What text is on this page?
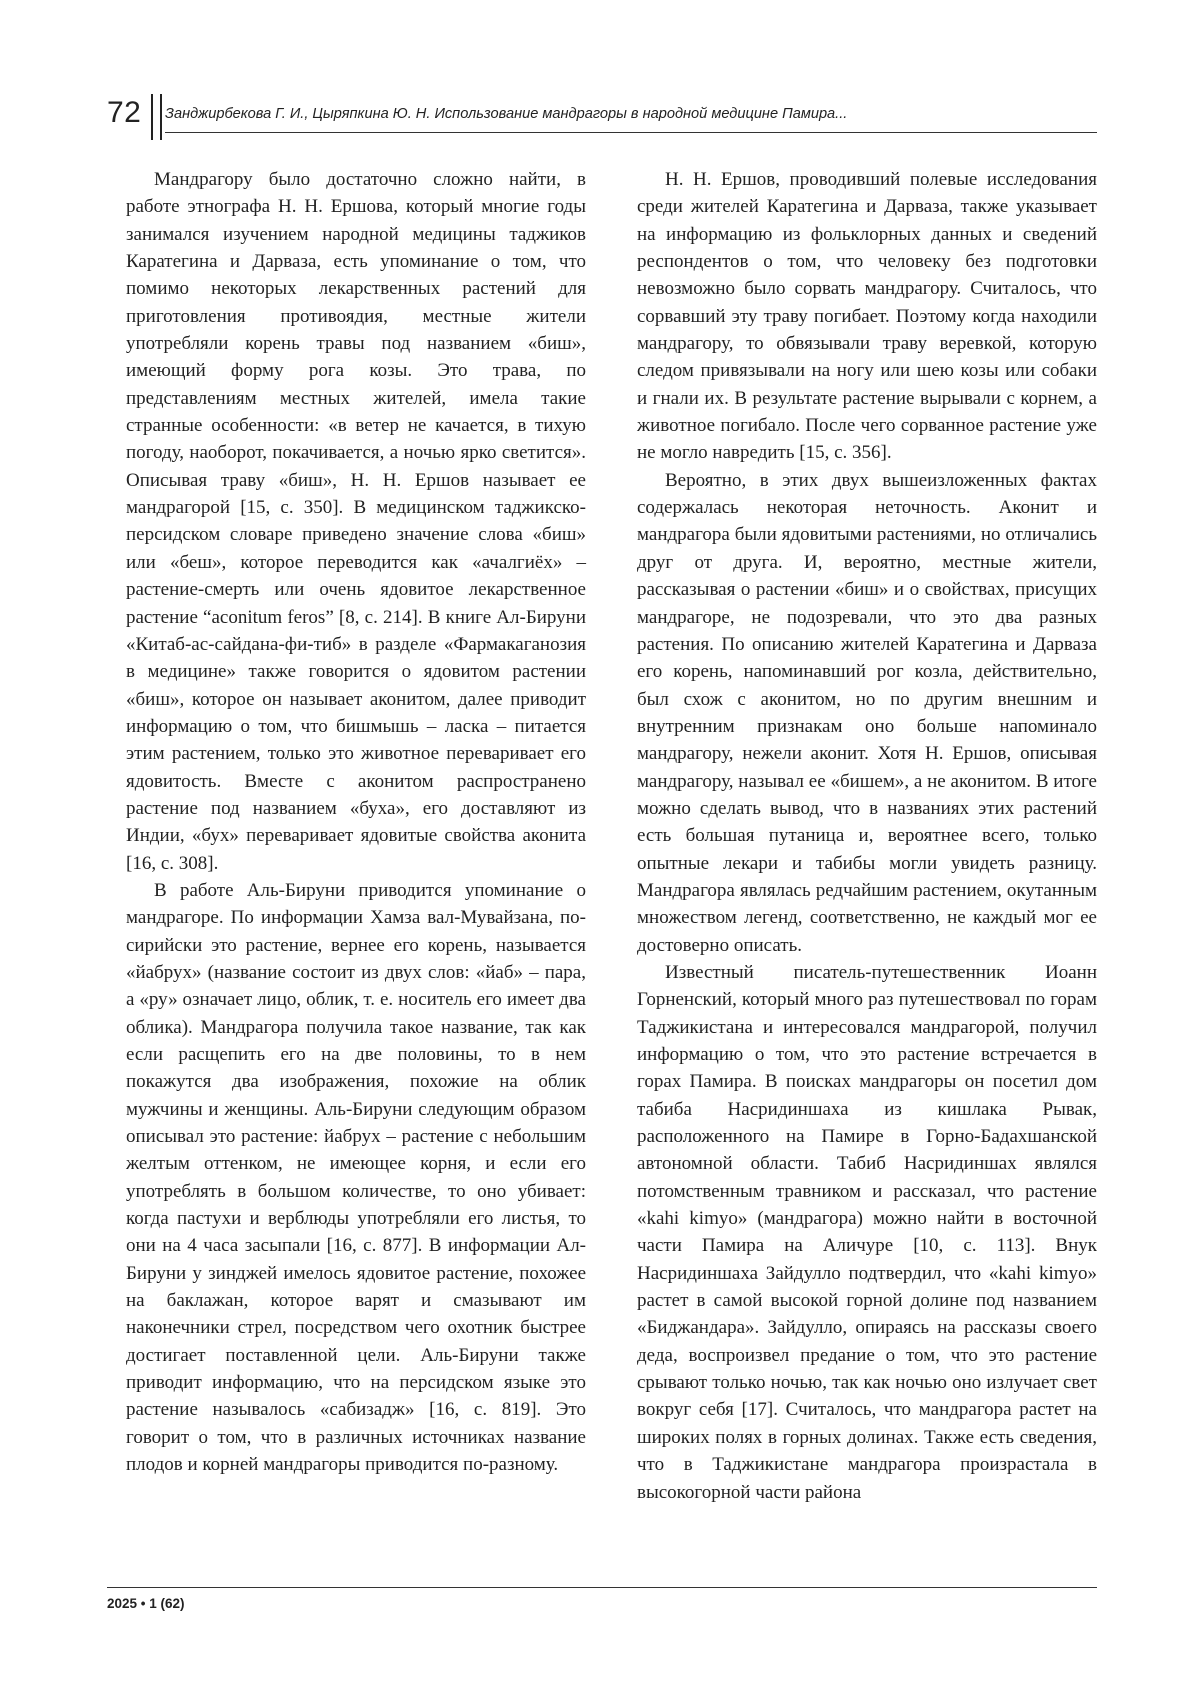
72 Занджирбекова Г. И., Цыряпкина Ю. Н. Использование мандрагоры в народной медицине Памира...

Мандрагору было достаточно сложно найти, в работе этнографа Н. Н. Ершова, который многие годы занимался изучением народной медицины таджиков Каратегина и Дарваза, есть упоминание о том, что помимо некоторых лекарственных растений для приготовления противоядия, местные жители употребляли корень травы под названием «биш», имеющий форму рога козы. Это трава, по представлениям местных жителей, имела такие странные особенности: «в ветер не качается, в тихую погоду, наоборот, покачивается, а ночью ярко светится». Описывая траву «биш», Н. Н. Ершов называет ее мандрагорой [15, с. 350]. В медицинском таджикско-персидском словаре приведено значение слова «биш» или «беш», которое переводится как «ачалгиёх» – растение-смерть или очень ядовитое лекарственное растение “aconitum feros” [8, с. 214]. В книге Ал-Бируни «Китаб-ас-сайдана-фи-тиб» в разделе «Фармакаганозия в медицине» также говорится о ядовитом растении «биш», которое он называет аконитом, далее приводит информацию о том, что бишмышь – ласка – питается этим растением, только это животное переваривает его ядовитость. Вместе с аконитом распространено растение под названием «буха», его доставляют из Индии, «бух» переваривает ядовитые свойства аконита [16, с. 308].

В работе Аль-Бируни приводится упоминание о мандрагоре. По информации Хамза вал-Мувайзана, по-сирийски это растение, вернее его корень, называется «йабрух» (название состоит из двух слов: «йаб» – пара, а «ру» означает лицо, облик, т. е. носитель его имеет два облика). Мандрагора получила такое название, так как если расщепить его на две половины, то в нем покажутся два изображения, похожие на облик мужчины и женщины. Аль-Бируни следующим образом описывал это растение: йабрух – растение с небольшим желтым оттенком, не имеющее корня, и если его употреблять в большом количестве, то оно убивает: когда пастухи и верблюды употребляли его листья, то они на 4 часа засыпали [16, с. 877]. В информации Ал-Бируни у зинджей имелось ядовитое растение, похожее на баклажан, которое варят и смазывают им наконечники стрел, посредством чего охотник быстрее достигает поставленной цели. Аль-Бируни также приводит информацию, что на персидском языке это растение называлось «сабизадж» [16, с. 819]. Это говорит о том, что в различных источниках название плодов и корней мандрагоры приводится по-разному.

Н. Н. Ершов, проводивший полевые исследования среди жителей Каратегина и Дарваза, также указывает на информацию из фольклорных данных и сведений респондентов о том, что человеку без подготовки невозможно было сорвать мандрагору. Считалось, что сорвавший эту траву погибает. Поэтому когда находили мандрагору, то обвязывали траву веревкой, которую следом привязывали на ногу или шею козы или собаки и гнали их. В результате растение вырывали с корнем, а животное погибало. После чего сорванное растение уже не могло навредить [15, с. 356].

Вероятно, в этих двух вышеизложенных фактах содержалась некоторая неточность. Аконит и мандрагора были ядовитыми растениями, но отличались друг от друга. И, вероятно, местные жители, рассказывая о растении «биш» и о свойствах, присущих мандрагоре, не подозревали, что это два разных растения. По описанию жителей Каратегина и Дарваза его корень, напоминавший рог козла, действительно, был схож с аконитом, но по другим внешним и внутренним признакам оно больше напоминало мандрагору, нежели аконит. Хотя Н. Ершов, описывая мандрагору, называл ее «бишем», а не аконитом. В итоге можно сделать вывод, что в названиях этих растений есть большая путаница и, вероятнее всего, только опытные лекари и табибы могли увидеть разницу. Мандрагора являлась редчайшим растением, окутанным множеством легенд, соответственно, не каждый мог ее достоверно описать.

Известный писатель-путешественник Иоанн Горненский, который много раз путешествовал по горам Таджикистана и интересовался мандрагорой, получил информацию о том, что это растение встречается в горах Памира. В поисках мандрагоры он посетил дом табиба Насридиншаха из кишлака Рывак, расположенного на Памире в Горно-Бадахшанской автономной области. Табиб Насридиншах являлся потомственным травником и рассказал, что растение «kahi kimyo» (мандрагора) можно найти в восточной части Памира на Аличуре [10, с. 113]. Внук Насридиншаха Зайдулло подтвердил, что «kahi kimyo» растет в самой высокой горной долине под названием «Биджандара». Зайдулло, опираясь на рассказы своего деда, воспроизвел предание о том, что это растение срывают только ночью, так как ночью оно излучает свет вокруг себя [17]. Считалось, что мандрагора растет на широких полях в горных долинах. Также есть сведения, что в Таджикистане мандрагора произрастала в высокогорной части района

2025 • 1 (62)
